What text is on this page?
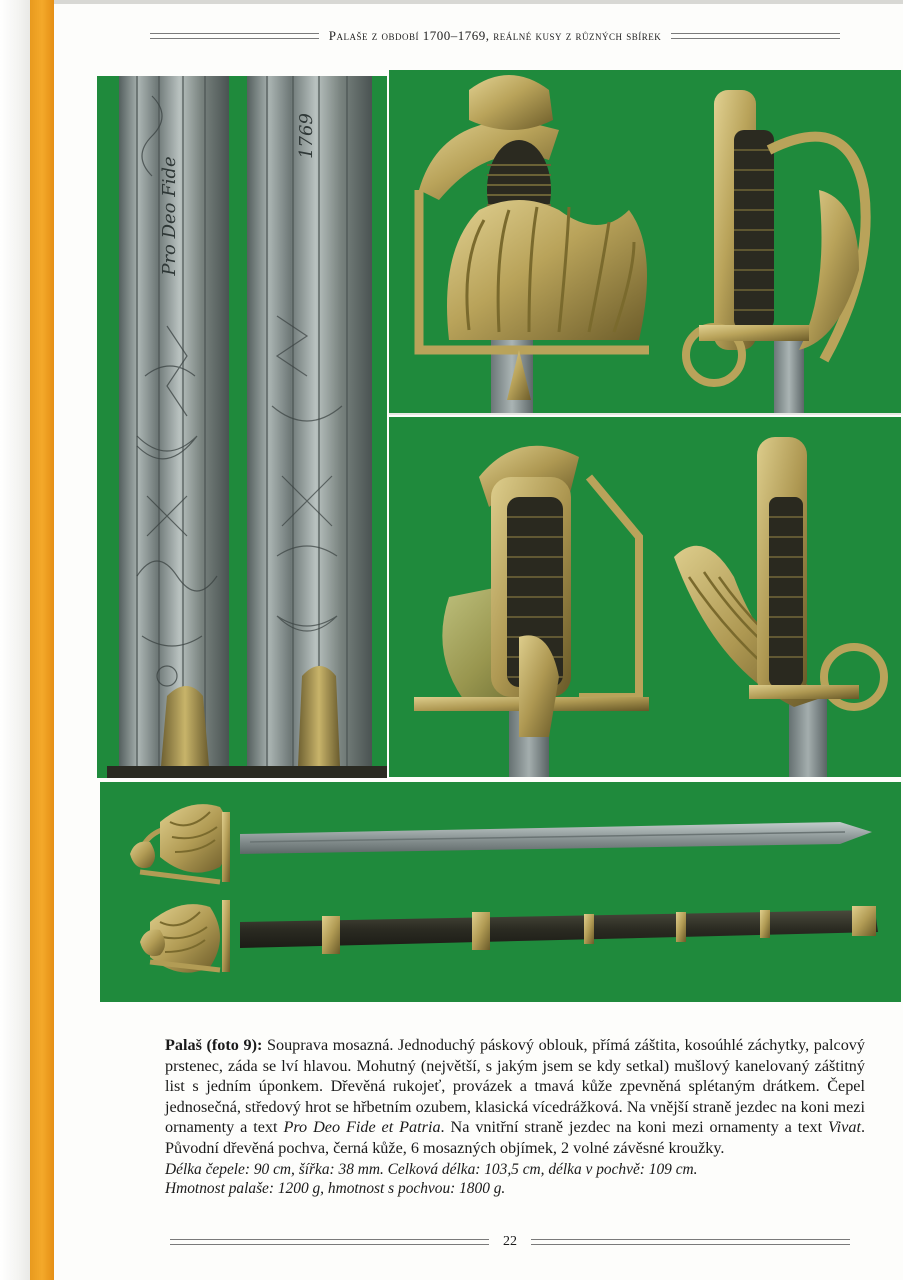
Palaše z období 1700–1769, reálné kusy z různých sbírek
Pro Deo Fide
1769

Palaš (foto 9): Souprava mosazná. Jednoduchý páskový oblouk, přímá záštita, kosoúhlé záchytky, palcový prstenec, záda se lví hlavou. Mohutný (největší, s jakým jsem se kdy setkal) mušlový kanelovaný záštitný list s jedním úponkem. Dřevěná rukojeť, provázek a tmavá kůže zpevněná splétaným drátkem. Čepel jednosečná, středový hrot se hřbetním ozubem, klasická vícedrážková. Na vnější straně jezdec na koni mezi ornamenty a text Pro Deo Fide et Patria. Na vnitřní straně jezdec na koni mezi ornamenty a text Vivat. Původní dřevěná pochva, černá kůže, 6 mosazných objímek, 2 volné závěsné kroužky.

Délka čepele: 90 cm, šířka: 38 mm. Celková délka: 103,5 cm, délka v pochvě: 109 cm.
Hmotnost palaše: 1200 g, hmotnost s pochvou: 1800 g.

22
